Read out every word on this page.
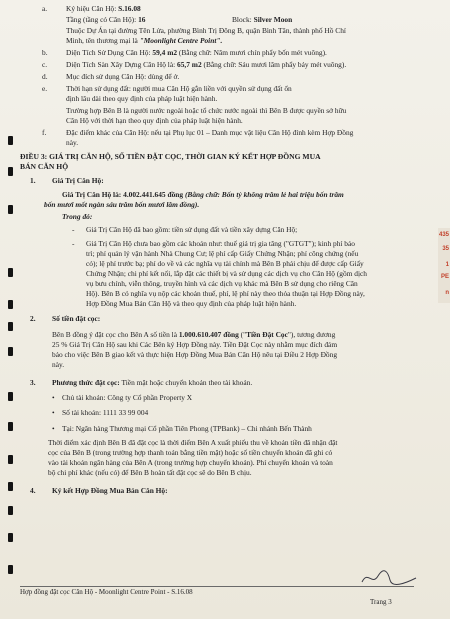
435
35
1
PE
n
a.	Ký hiệu Căn Hộ: S.16.08
Tầng (tầng có Căn Hộ): 16	Block: Silver Moon
Thuộc Dự Án tại đường Tên Lửa, phường Bình Trị Đông B, quận Bình Tân, thành phố Hồ Chí
Minh, tên thương mại là "Moonlight Centre Point".
b. Diện Tích Sử Dụng Căn Hộ: 59,4 m2 (Bằng chữ: Năm mươi chín phẩy bốn mét vuông).
c.	Diện Tích Sàn Xây Dựng Căn Hộ là: 65,7 m2 (Bằng chữ: Sáu mươi lăm phẩy bảy mét vuông).
d. Mục đích sử dụng Căn Hộ: dùng để ở.
e.	Thời hạn sử dụng đất: người mua Căn Hộ gắn liền với quyền sử dụng đất ổn
định lâu dài theo quy định của pháp luật hiện hành.
Trường hợp Bên B là người nước ngoài hoặc tổ chức nước ngoài thì Bên B được quyền sở hữu
Căn Hộ với thời hạn theo quy định của pháp luật hiện hành.
f.	Đặc điểm khác của Căn Hộ: nếu tại Phụ lục 01 – Danh mục vật liệu Căn Hộ đính kèm Hợp Đồng
này.
ĐIỀU 3: GIÁ TRỊ CĂN HỘ, SỐ TIỀN ĐẶT CỌC, THỜI GIAN KÝ KẾT HỢP ĐỒNG MUA
BÁN CĂN HỘ
1. Giá Trị Căn Hộ:
Giá Trị Căn Hộ là: 4.002.441.645 đồng (Bằng chữ: Bốn tỷ không trăm lẻ hai triệu bốn trăm
bốn mươi mốt ngàn sáu trăm bốn mươi lăm đồng).
Trong đó:
- Giá Trị Căn Hộ đã bao gồm: tiền sử dụng đất và tiền xây dựng Căn Hộ;
- Giá Trị Căn Hộ chưa bao gồm các khoản như: thuế giá trị gia tăng ("GTGT"); kinh phí bảo
trì; phí quản lý vận hành Nhà Chung Cư; lệ phí cấp Giấy Chứng Nhận; phí công chứng (nếu
có); lệ phí trước bạ; phí do về và các nghĩa vụ tài chính mà Bên B phải chịu để được cấp Giấy
Chứng Nhận; chi phí kết nối, lắp đặt các thiết bị và sử dụng các dịch vụ cho Căn Hộ (gồm dịch
vụ bưu chính, viễn thông, truyền hình và các dịch vụ khác mà Bên B sử dụng cho riêng Căn
Hộ). Bên B có nghĩa vụ nộp các khoản thuế, phí, lệ phí này theo thỏa thuận tại Hợp Đồng này,
Hợp Đồng Mua Bán Căn Hộ và theo quy định của pháp luật hiện hành.
2. Số tiền đặt cọc:
Bên B đồng ý đặt cọc cho Bên A số tiền là 1.000.610.407 đồng ("Tiền Đặt Cọc"), tương đương
25 % Giá Trị Căn Hộ sau khi Các Bên ký Hợp Đồng này. Tiền Đặt Cọc này nhằm mục đích đảm
bảo cho việc Bên B giao kết và thực hiện Hợp Đồng Mua Bán Căn Hộ nêu tại Điều 2 Hợp Đồng
này.
3. Phương thức đặt cọc: Tiền mặt hoặc chuyển khoản theo tài khoản.
• Chủ tài khoản: Công ty Cổ phần Property X
• Số tài khoản: 1111 33 99 004
• Tại: Ngân hàng Thương mại Cổ phần Tiên Phong (TPBank) – Chi nhánh Bến Thành
Thời điểm xác định Bên B đã đặt cọc là thời điểm Bên A xuất phiếu thu về khoản tiền đã nhận đặt
cọc của Bên B (trong trường hợp thanh toán bằng tiền mặt) hoặc số tiền chuyển khoản đã ghi có
vào tài khoản ngân hàng của Bên A (trong trường hợp chuyển khoản). Phí chuyển khoản và toàn
bộ chi phí khác (nếu có) để Bên B hoàn tất đặt cọc sẽ do Bên B chịu.
4. Ký kết Hợp Đồng Mua Bán Căn Hộ:
Hợp đồng đặt cọc Căn Hộ - Moonlight Centre Point - S.16.08
Trang 3
